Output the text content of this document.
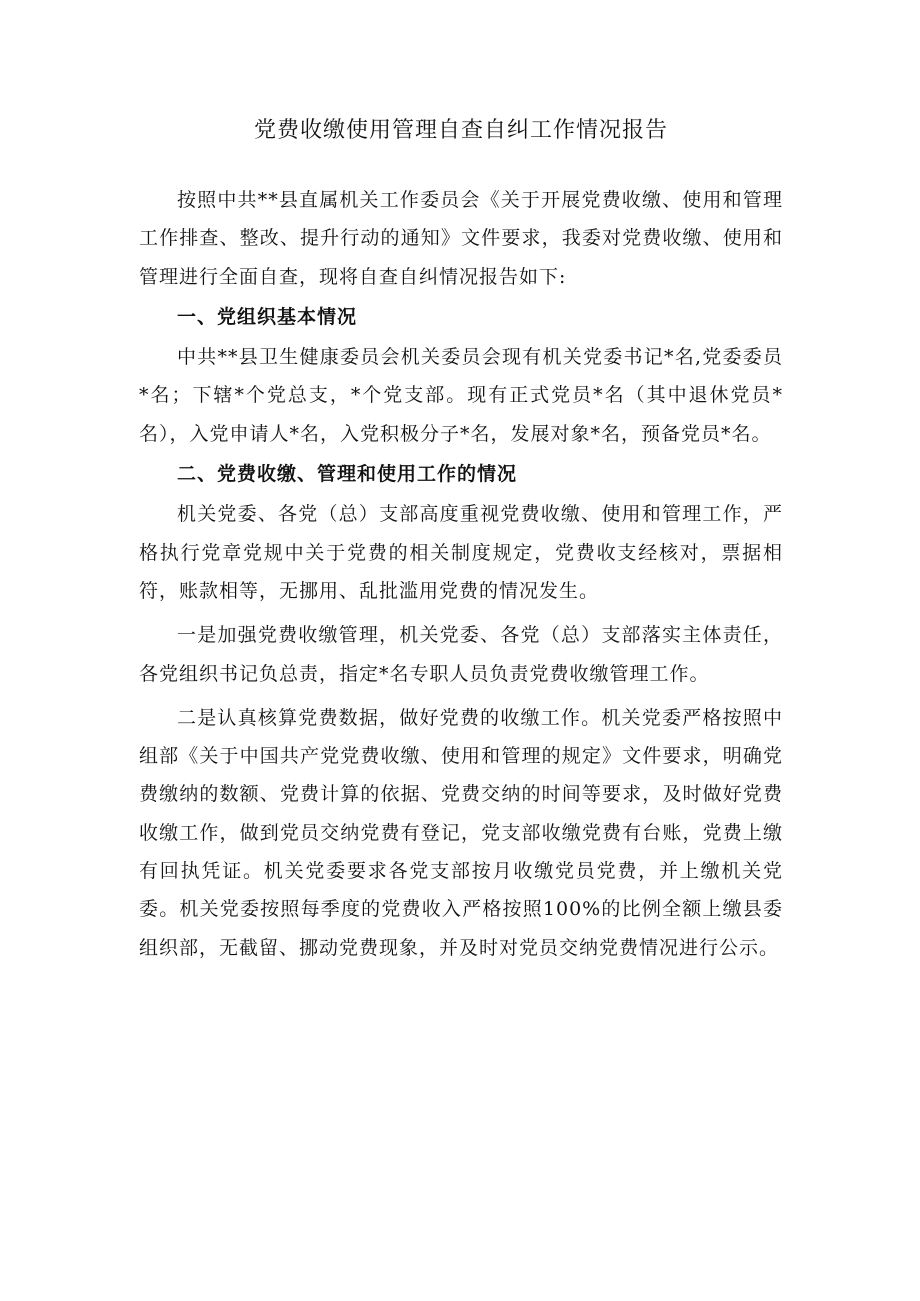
党费收缴使用管理自查自纠工作情况报告

按照中共**县直属机关工作委员会《关于开展党费收缴、使用和管理工作排查、整改、提升行动的通知》文件要求，我委对党费收缴、使用和管理进行全面自查，现将自查自纠情况报告如下:

一、党组织基本情况

中共**县卫生健康委员会机关委员会现有机关党委书记*名,党委委员*名；下辖*个党总支，*个党支部。现有正式党员*名（其中退休党员*名），入党申请人*名，入党积极分子*名，发展对象*名，预备党员*名。

二、党费收缴、管理和使用工作的情况

机关党委、各党（总）支部高度重视党费收缴、使用和管理工作，严格执行党章党规中关于党费的相关制度规定，党费收支经核对，票据相符，账款相等，无挪用、乱批滥用党费的情况发生。

一是加强党费收缴管理，机关党委、各党（总）支部落实主体责任，各党组织书记负总责，指定*名专职人员负责党费收缴管理工作。

二是认真核算党费数据，做好党费的收缴工作。机关党委严格按照中组部《关于中国共产党党费收缴、使用和管理的规定》文件要求，明确党费缴纳的数额、党费计算的依据、党费交纳的时间等要求，及时做好党费收缴工作，做到党员交纳党费有登记，党支部收缴党费有台账，党费上缴有回执凭证。机关党委要求各党支部按月收缴党员党费，并上缴机关党委。机关党委按照每季度的党费收入严格按照100%的比例全额上缴县委组织部，无截留、挪动党费现象，并及时对党员交纳党费情况进行公示。
